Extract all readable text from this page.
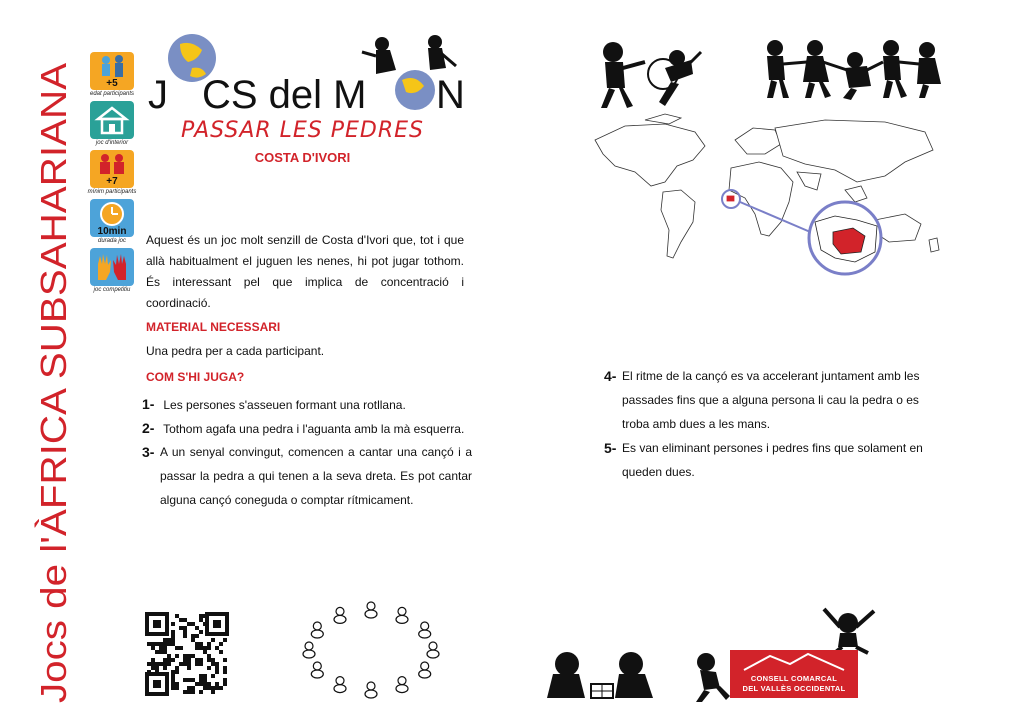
Jocs de l'ÀFRICA SUBSAHARIANA
+5
edat participants
joc d'interior
+7
mínim participants
10min
durada joc
joc competitiu
J CS del M N
PASSAR LES PEDRES
COSTA D'IVORI
Aquest és un joc molt senzill de Costa d'Ivori que, tot i que allà habitualment el juguen les nenes, hi pot jugar tothom. És interessant pel que implica de concentració i coordinació.
MATERIAL NECESSARI
Una pedra per a cada participant.
COM S'HI JUGA?
1- Les persones s'asseuen formant una rotllana.
2- Tothom agafa una pedra i l'aguanta amb la mà esquerra.
3- A un senyal convingut, comencen a cantar una cançó i a passar la pedra a qui tenen a la seva dreta. Es pot cantar alguna cançó coneguda o comptar rítmicament.
4- El ritme de la cançó es va accelerant juntament amb les passades fins que a alguna persona li cau la pedra o es troba amb dues a les mans.
5- Es van eliminant persones i pedres fins que solament en queden dues.
CONSELL COMARCAL
DEL VALLÈS OCCIDENTAL
